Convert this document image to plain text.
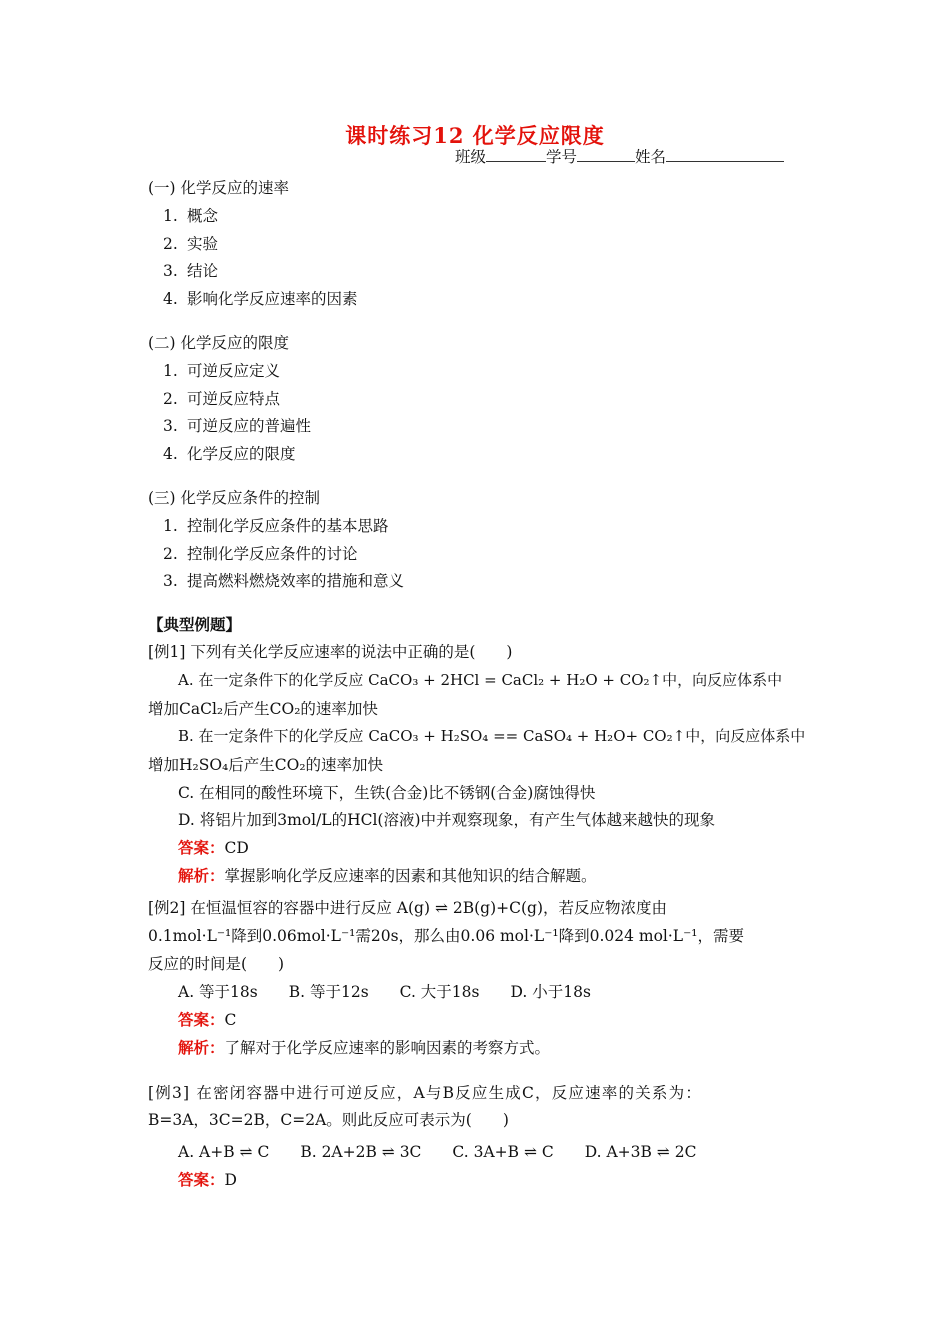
课时练习12 化学反应限度
班级	学号	姓名
(一) 化学反应的速率
1. 概念
2. 实验
3. 结论
4. 影响化学反应速率的因素
(二) 化学反应的限度
1. 可逆反应定义
2. 可逆反应特点
3. 可逆反应的普遍性
4. 化学反应的限度
(三) 化学反应条件的控制
1. 控制化学反应条件的基本思路
2. 控制化学反应条件的讨论
3. 提高燃料燃烧效率的措施和意义
【典型例题】
[例1] 下列有关化学反应速率的说法中正确的是(　　)
A. 在一定条件下的化学反应 CaCO₃ + 2HCl = CaCl₂ + H₂O + CO₂↑中，向反应体系中
增加CaCl₂后产生CO₂的速率加快
B. 在一定条件下的化学反应 CaCO₃ + H₂SO₄ == CaSO₄ + H₂O+ CO₂↑中，向反应体系中
增加H₂SO₄后产生CO₂的速率加快
C. 在相同的酸性环境下，生铁(合金)比不锈钢(合金)腐蚀得快
D. 将铝片加到3mol/L的HCl(溶液)中并观察现象，有产生气体越来越快的现象
答案：CD
解析：掌握影响化学反应速率的因素和其他知识的结合解题。
[例2] 在恒温恒容的容器中进行反应 A(g) ⇌ 2B(g)+C(g)，若反应物浓度由
0.1mol·L⁻¹降到0.06mol·L⁻¹需20s，那么由0.06 mol·L⁻¹降到0.024 mol·L⁻¹，需要
反应的时间是(　　)
A. 等于18s　　B. 等于12s　　C. 大于18s　　D. 小于18s
答案：C
解析：了解对于化学反应速率的影响因素的考察方式。
[例3] 在密闭容器中进行可逆反应，A与B反应生成C，反应速率的关系为：
B=3A，3C=2B，C=2A。则此反应可表示为(　　)
A. A+B ⇌ C　　B. 2A+2B ⇌ 3C　　C. 3A+B ⇌ C　　D. A+3B ⇌ 2C
答案：D
